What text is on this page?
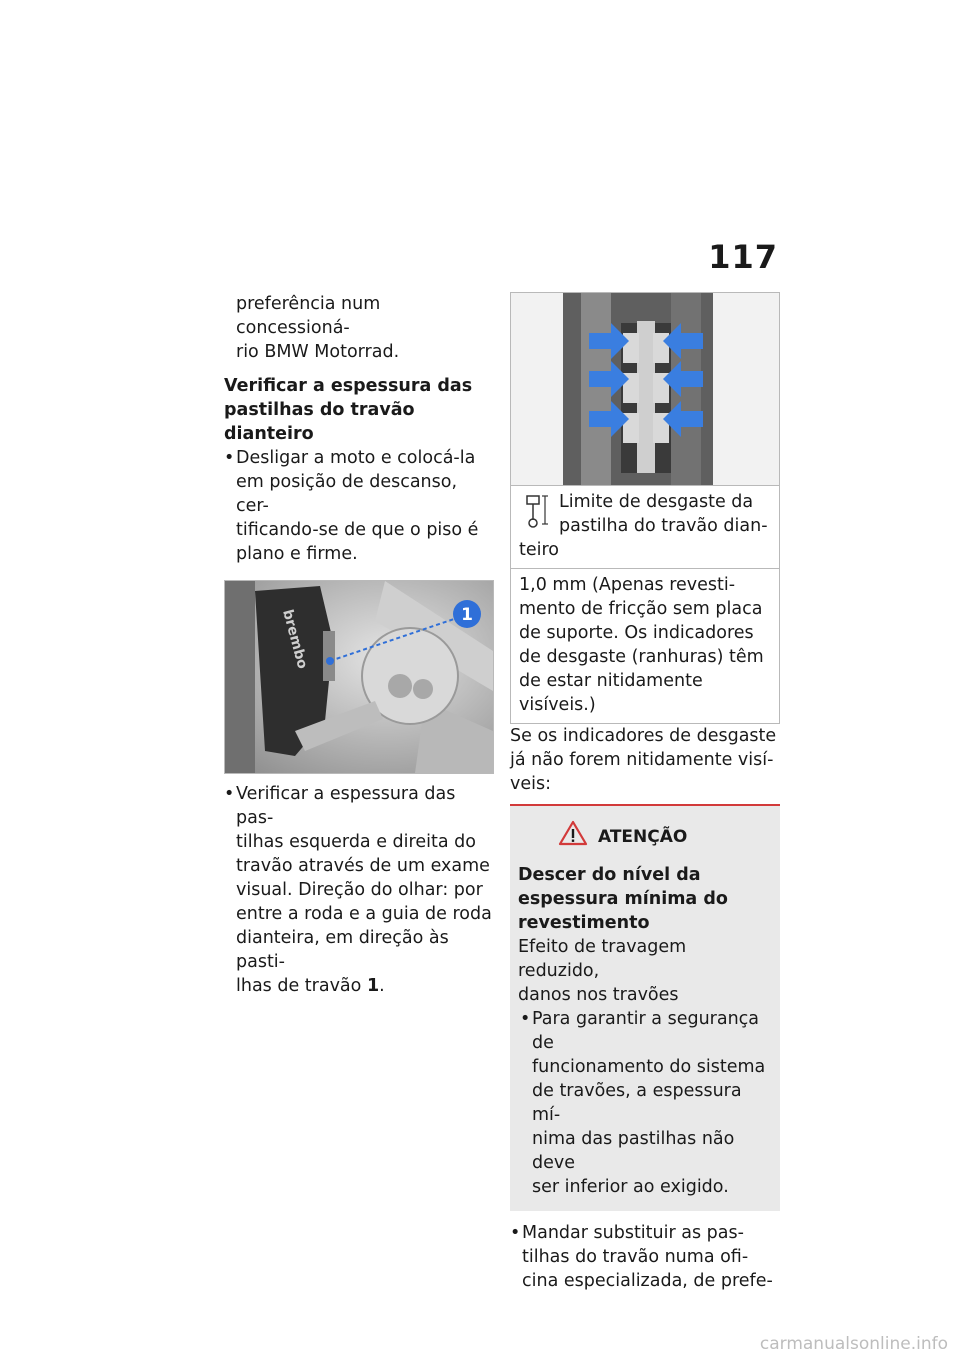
117

preferência num concessioná-

rio BMW Motorrad.

Verificar a espessura das

pastilhas do travão dianteiro

• Desligar a moto e colocá-la

em posição de descanso, cer-

tificando-se de que o piso é

plano e firme.

brembo	1
• Verificar a espessura das pas-

tilhas esquerda e direita do

travão através de um exame

visual. Direção do olhar: por

entre a roda e a guia de roda

dianteira, em direção às pasti-

lhas de travão 1.

Limite de desgaste da

pastilha do travão dian-

teiro

1,0 mm (Apenas revesti-

mento de fricção sem placa

de suporte. Os indicadores

de desgaste (ranhuras) têm

de estar nitidamente visíveis.)

Se os indicadores de desgaste

já não forem nitidamente visí-

veis:

ATENÇÃO

Descer do nível da

espessura mínima do

revestimento

Efeito de travagem reduzido,

danos nos travões

• Para garantir a segurança de

funcionamento do sistema

de travões, a espessura mí-

nima das pastilhas não deve

ser inferior ao exigido.

• Mandar substituir as pas-

tilhas do travão numa ofi-

cina especializada, de prefe-

carmanualsonline.info
